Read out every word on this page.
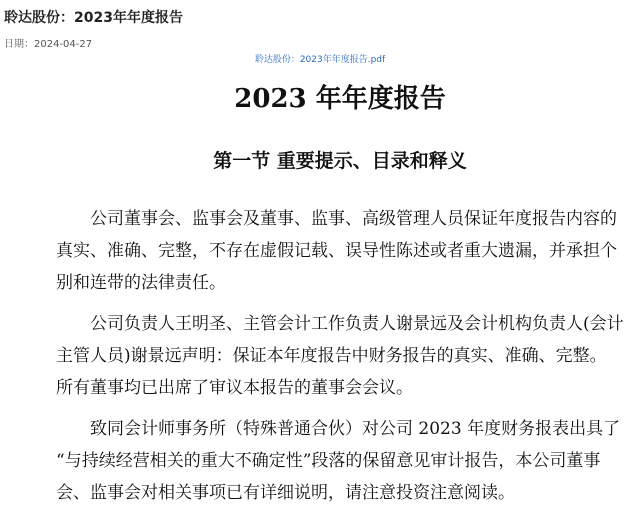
聆达股份：2023年年度报告
日期：2024-04-27
聆达股份：2023年年度报告.pdf
2023 年年度报告
第一节 重要提示、目录和释义
公司董事会、监事会及董事、监事、高级管理人员保证年度报告内容的
真实、准确、完整，不存在虚假记载、误导性陈述或者重大遗漏，并承担个
别和连带的法律责任。
公司负责人王明圣、主管会计工作负责人谢景远及会计机构负责人(会计
主管人员)谢景远声明：保证本年度报告中财务报告的真实、准确、完整。
所有董事均已出席了审议本报告的董事会会议。
致同会计师事务所（特殊普通合伙）对公司 2023 年度财务报表出具了
“与持续经营相关的重大不确定性”段落的保留意见审计报告，本公司董事
会、监事会对相关事项已有详细说明，请注意投资注意阅读。
